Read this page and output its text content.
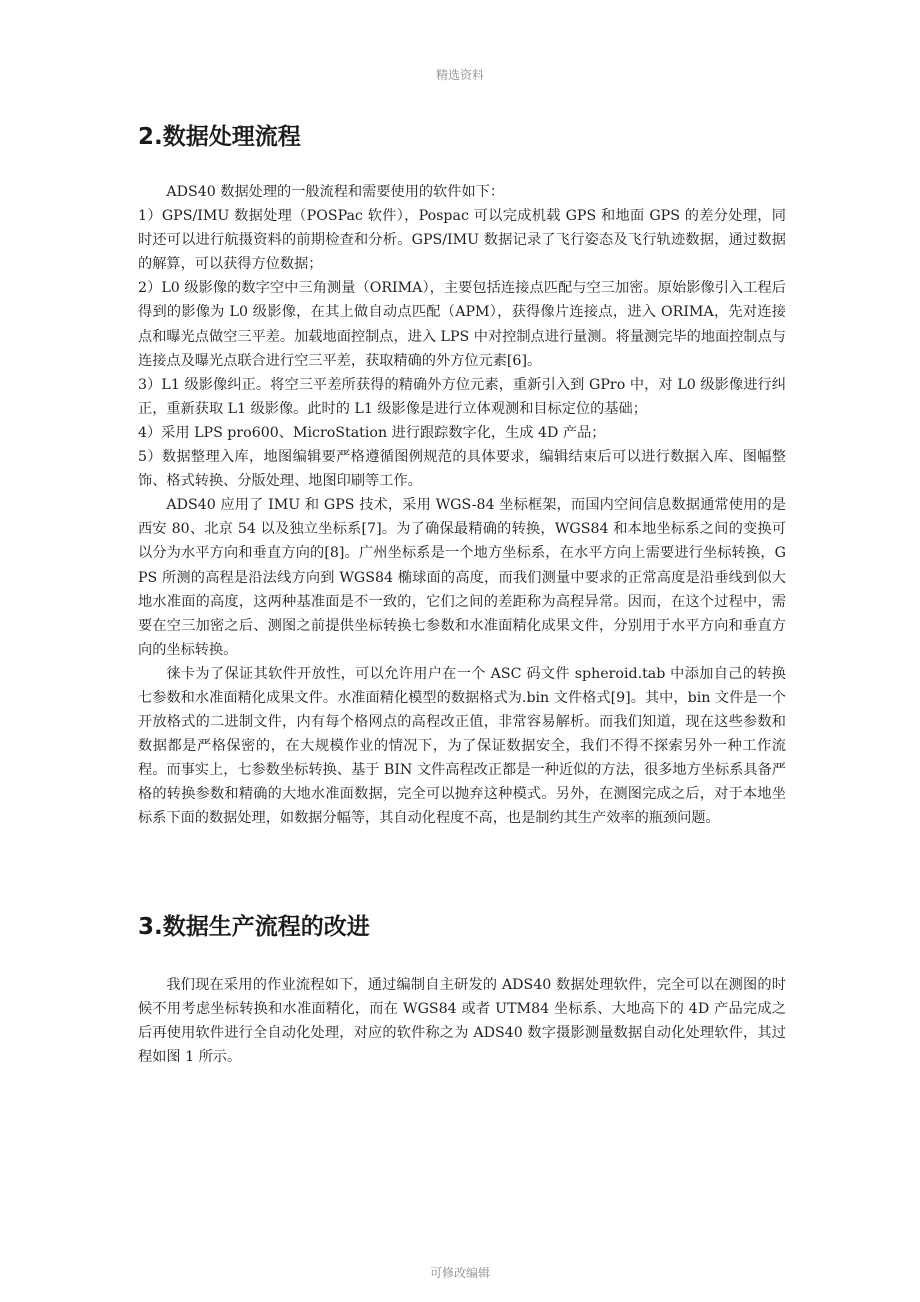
精选资料
2.数据处理流程

ADS40 数据处理的一般流程和需要使用的软件如下：

1）GPS/IMU 数据处理（POSPac 软件），Pospac 可以完成机载 GPS 和地面 GPS 的差分处理，同时还可以进行航摄资料的前期检查和分析。GPS/IMU 数据记录了飞行姿态及飞行轨迹数据，通过数据的解算，可以获得方位数据；

2）L0 级影像的数字空中三角测量（ORIMA），主要包括连接点匹配与空三加密。原始影像引入工程后得到的影像为 L0 级影像，在其上做自动点匹配（APM），获得像片连接点，进入 ORIMA，先对连接点和曝光点做空三平差。加载地面控制点，进入 LPS 中对控制点进行量测。将量测完毕的地面控制点与连接点及曝光点联合进行空三平差，获取精确的外方位元素[6]。

3）L1 级影像纠正。将空三平差所获得的精确外方位元素，重新引入到 GPro 中，对 L0 级影像进行纠正，重新获取 L1 级影像。此时的 L1 级影像是进行立体观测和目标定位的基础；

4）采用 LPS pro600、MicroStation 进行跟踪数字化，生成 4D 产品；

5）数据整理入库，地图编辑要严格遵循图例规范的具体要求，编辑结束后可以进行数据入库、图幅整饰、格式转换、分版处理、地图印刷等工作。

ADS40 应用了 IMU 和 GPS 技术，采用 WGS-84 坐标框架，而国内空间信息数据通常使用的是西安 80、北京 54 以及独立坐标系[7]。为了确保最精确的转换，WGS84 和本地坐标系之间的变换可以分为水平方向和垂直方向的[8]。广州坐标系是一个地方坐标系，在水平方向上需要进行坐标转换，GPS 所测的高程是沿法线方向到 WGS84 椭球面的高度，而我们测量中要求的正常高度是沿垂线到似大地水准面的高度，这两种基准面是不一致的，它们之间的差距称为高程异常。因而，在这个过程中，需要在空三加密之后、测图之前提供坐标转换七参数和水准面精化成果文件，分别用于水平方向和垂直方向的坐标转换。

徕卡为了保证其软件开放性，可以允许用户在一个 ASC 码文件 spheroid.tab 中添加自己的转换七参数和水准面精化成果文件。水准面精化模型的数据格式为.bin 文件格式[9]。其中，bin 文件是一个开放格式的二进制文件，内有每个格网点的高程改正值，非常容易解析。而我们知道，现在这些参数和数据都是严格保密的，在大规模作业的情况下，为了保证数据安全，我们不得不探索另外一种工作流程。而事实上，七参数坐标转换、基于 BIN 文件高程改正都是一种近似的方法，很多地方坐标系具备严格的转换参数和精确的大地水准面数据，完全可以抛弃这种模式。另外，在测图完成之后，对于本地坐标系下面的数据处理，如数据分幅等，其自动化程度不高，也是制约其生产效率的瓶颈问题。

3.数据生产流程的改进

我们现在采用的作业流程如下，通过编制自主研发的 ADS40 数据处理软件，完全可以在测图的时候不用考虑坐标转换和水准面精化，而在 WGS84 或者 UTM84 坐标系、大地高下的 4D 产品完成之后再使用软件进行全自动化处理，对应的软件称之为 ADS40 数字摄影测量数据自动化处理软件，其过程如图 1 所示。

可修改编辑
